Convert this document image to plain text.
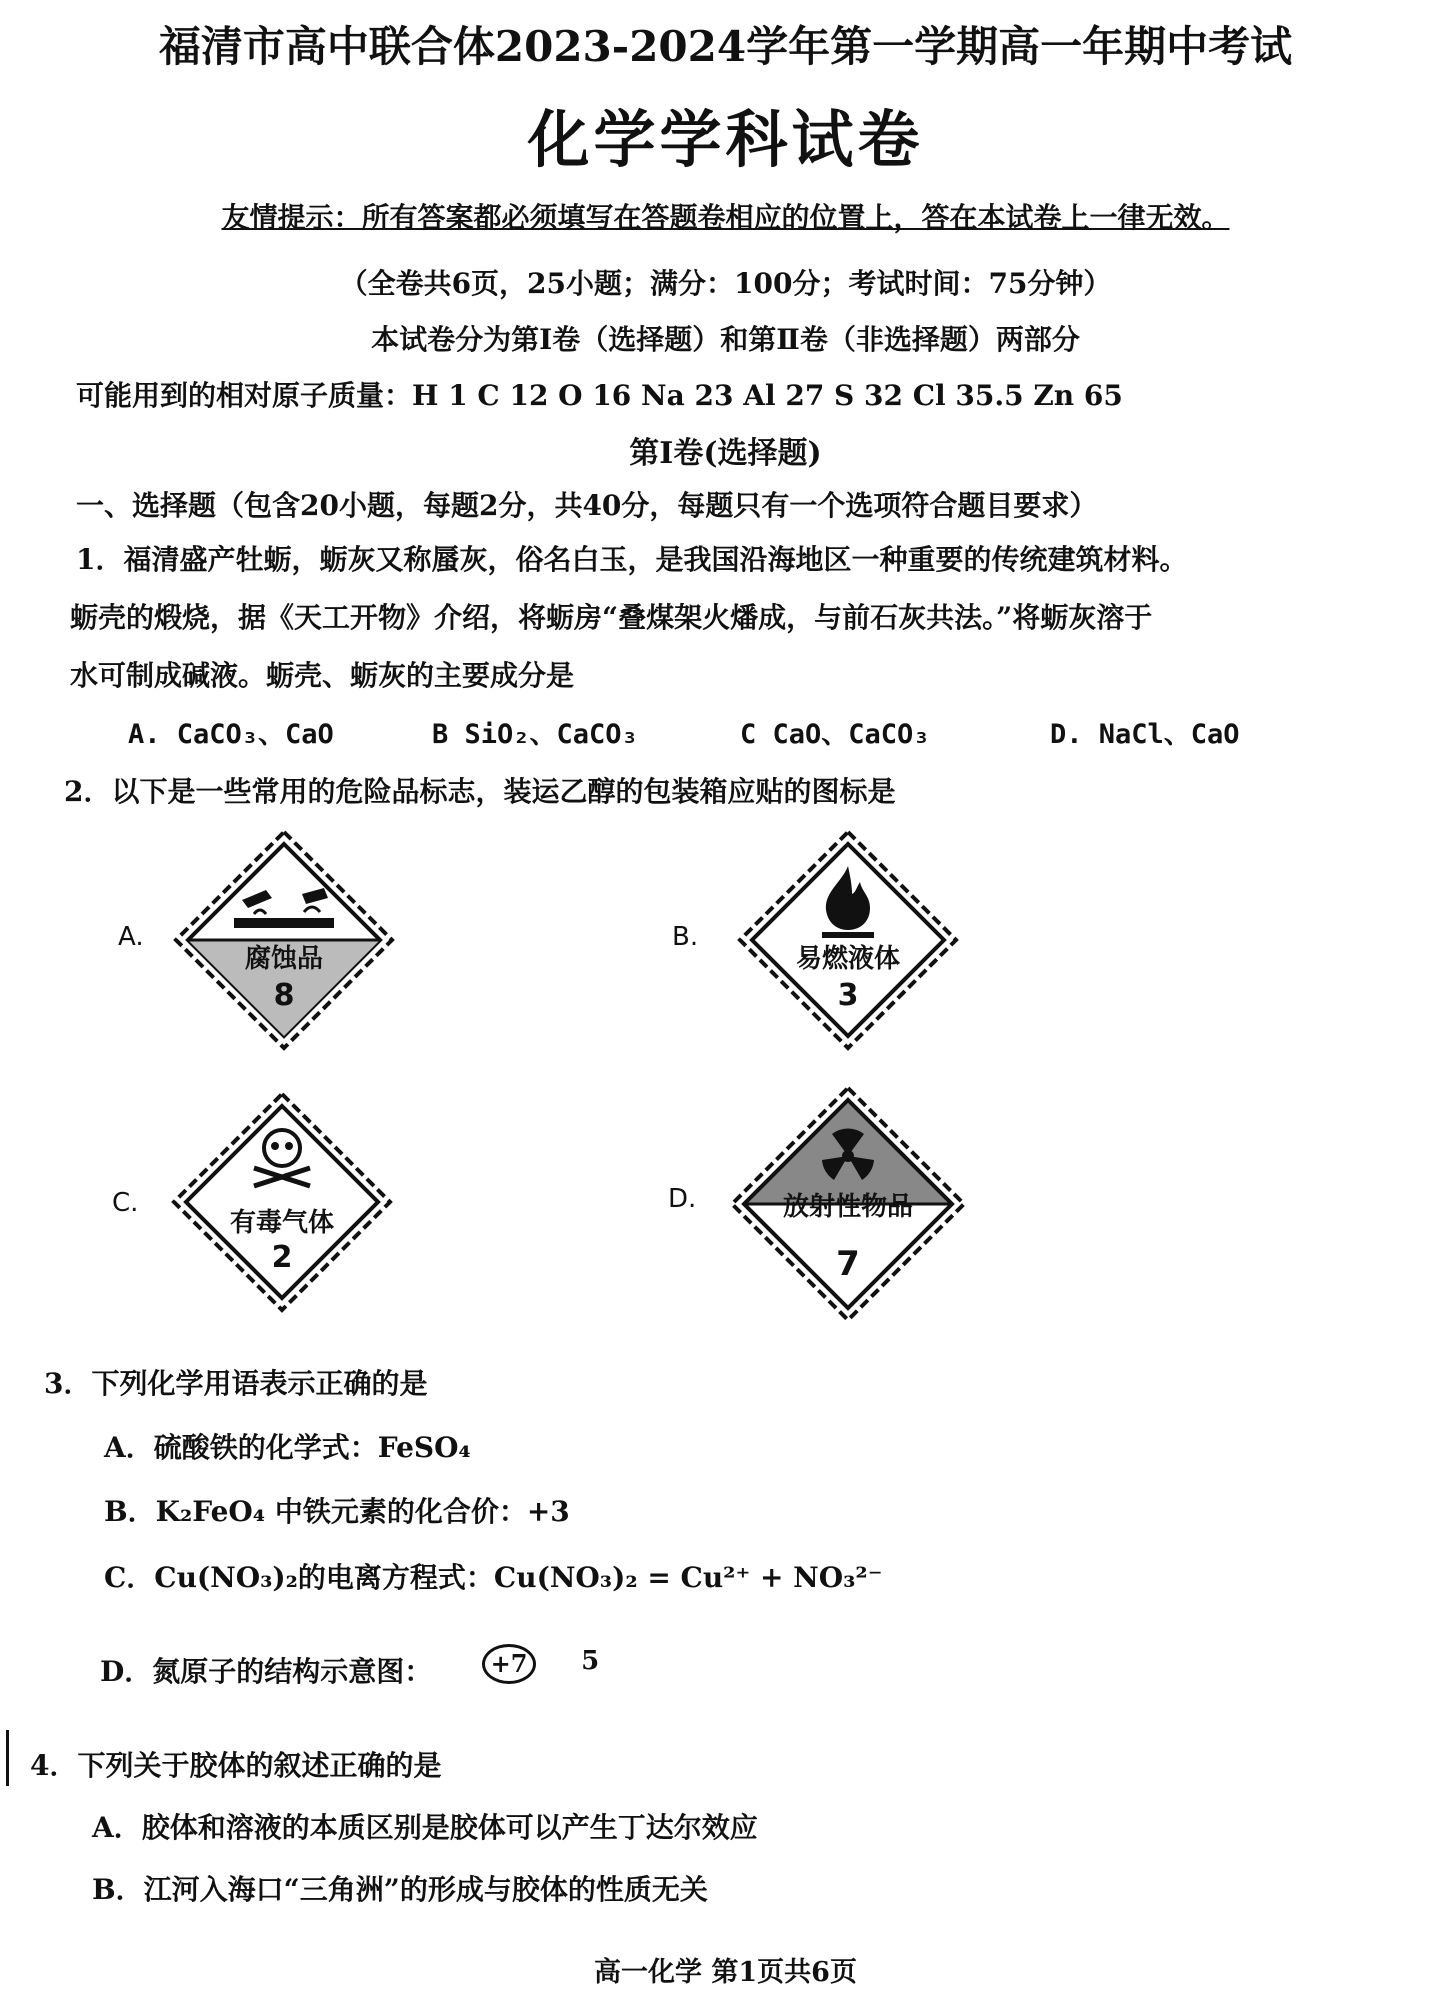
福清市高中联合体2023-2024学年第一学期高一年期中考试
化学学科试卷
友情提示：所有答案都必须填写在答题卷相应的位置上，答在本试卷上一律无效。
（全卷共6页，25小题；满分：100分；考试时间：75分钟）
本试卷分为第Ⅰ卷（选择题）和第Ⅱ卷（非选择题）两部分
可能用到的相对原子质量：H 1 C 12 O 16 Na 23 Al 27 S 32 Cl 35.5 Zn 65
第Ⅰ卷(选择题)
一、选择题（包含20小题，每题2分，共40分，每题只有一个选项符合题目要求）
1．福清盛产牡蛎，蛎灰又称蜃灰，俗名白玉，是我国沿海地区一种重要的传统建筑材料。
蛎壳的煅烧，据《天工开物》介绍，将蛎房“叠煤架火燔成，与前石灰共法。”将蛎灰溶于
水可制成碱液。蛎壳、蛎灰的主要成分是
A. CaCO₃、CaO	B SiO₂、CaCO₃	C CaO、CaCO₃	D. NaCl、CaO
2．以下是一些常用的危险品标志，装运乙醇的包装箱应贴的图标是
A.
腐蚀品
8
B.
易燃液体
3
C.
有毒气体
2
D.	放射性物品
7
3．下列化学用语表示正确的是
A．硫酸铁的化学式：FeSO₄
B．K₂FeO₄ 中铁元素的化合价：+3
C．Cu(NO₃)₂的电离方程式：Cu(NO₃)₂ = Cu²⁺ + NO₃²⁻
D．氮原子的结构示意图：	+7 5
4．下列关于胶体的叙述正确的是
A．胶体和溶液的本质区别是胶体可以产生丁达尔效应
B．江河入海口“三角洲”的形成与胶体的性质无关
高一化学 第1页共6页
